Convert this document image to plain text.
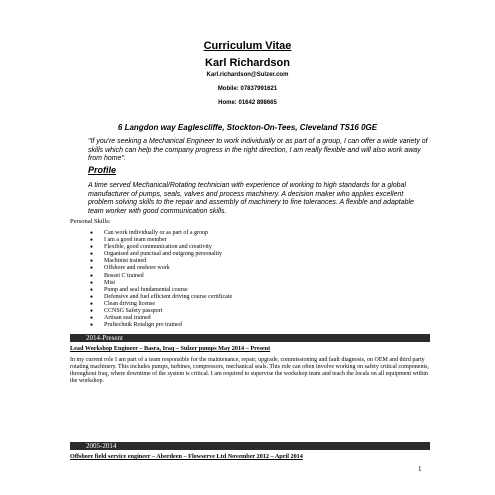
Curriculum Vitae
Karl Richardson
Karl.richardson@Sulzer.com
Mobile: 07837991621
Home: 01642 898665
6 Langdon way Eaglescliffe, Stockton-On-Tees, Cleveland TS16 0GE
"If you're seeking a Mechanical Engineer to work individually or as part of a group, I can offer a wide variety of skills which can help the company progress in the right direction, I am really flexible and will also work away from home".
Profile
A time served Mechanical/Rotating technician with experience of working to high standards for a global manufacturer of pumps, seals, valves and process machinery. A decision maker who applies excellent problem solving skills to the repair and assembly of machinery to fine tolerances. A flexible and adaptable team worker with good communication skills.
Personal Skills:
● Can work individually or as part of a group
● I am a good team member
● Flexible, good communication and creativity
● Organised and punctual and outgoing personality
● Machinist trained
● Offshore and onshore work
● Bosset C trained
● Mist
● Pump and seal fundamental course
● Defensive and fuel efficient driving course certificate
● Clean driving license
● CCNSG Safety passport
● Artisan seal trained
● Pruftechnik Rotalign pro trained
2014-Present
Lead Workshop Engineer – Basra, Iraq – Sulzer pumps May 2014 – Present
In my current role I am part of a team responsible for the maintenance, repair, upgrade, commissioning and fault diagnosis, on OEM and third party rotating machinery. This includes pumps, turbines, compressors, mechanical seals. This role can often involve working on safety critical components, throughout Iraq, where downtime of the system is critical. I am required to supervise the workshop team and teach the locals on all equipment within the workshop.
2005-2014
Offshore field service engineer – Aberdeen – Flowserve Ltd November 2012 – April 2014
1
